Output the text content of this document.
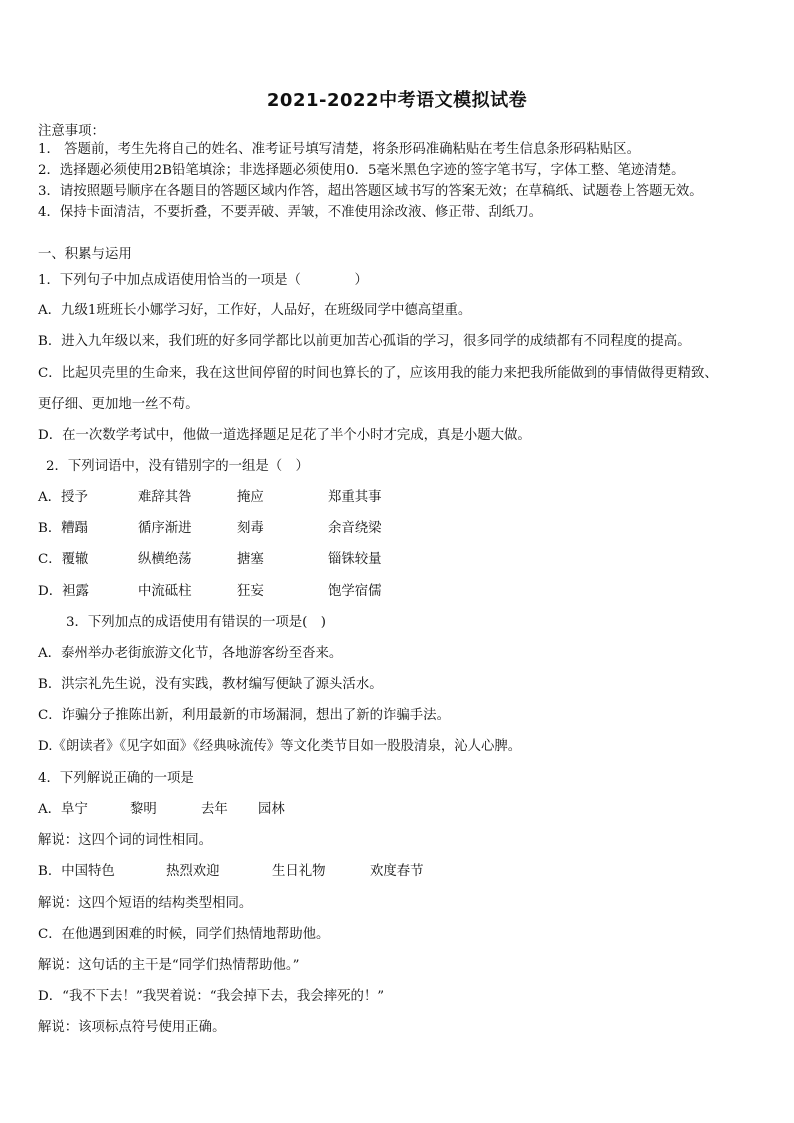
2021-2022中考语文模拟试卷
注意事项：
1． 答题前，考生先将自己的姓名、准考证号填写清楚，将条形码准确粘贴在考生信息条形码粘贴区。
2．选择题必须使用2B铅笔填涂；非选择题必须使用0．5毫米黑色字迹的签字笔书写，字体工整、笔迹清楚。
3．请按照题号顺序在各题目的答题区域内作答，超出答题区域书写的答案无效；在草稿纸、试题卷上答题无效。
4．保持卡面清洁，不要折叠，不要弄破、弄皱，不准使用涂改液、修正带、刮纸刀。
一、积累与运用
1．下列句子中加点成语使用恰当的一项是（　　　　）
A．九级1班班长小娜学习好，工作好，人品好，在班级同学中德高望重。
B．进入九年级以来，我们班的好多同学都比以前更加苦心孤诣的学习，很多同学的成绩都有不同程度的提高。
C．比起贝壳里的生命来，我在这世间停留的时间也算长的了，应该用我的能力来把我所能做到的事情做得更精致、
更仔细、更加地一丝不苟。
D．在一次数学考试中，他做一道选择题足足花了半个小时才完成，真是小题大做。
2．下列词语中，没有错别字的一组是（　）
A．授予	难辞其咎	掩应	郑重其事
B．糟蹋	循序渐进	刻毒	余音绕梁
C．覆辙	纵横绝荡	搪塞	锱铢较量
D．袒露	中流砥柱	狂妄	饱学宿儒
3．下列加点的成语使用有错误的一项是(　)
A．泰州举办老街旅游文化节，各地游客纷至沓来。
B．洪宗礼先生说，没有实践，教材编写便缺了源头活水。
C．诈骗分子推陈出新，利用最新的市场漏洞，想出了新的诈骗手法。
D.《朗读者》《见字如面》《经典咏流传》等文化类节目如一股股清泉，沁人心脾。
4．下列解说正确的一项是
A．阜宁	黎明	去年 园林
解说：这四个词的词性相同。
B．中国特色	热烈欢迎	生日礼物	欢度春节
解说：这四个短语的结构类型相同。
C．在他遇到困难的时候，同学们热情地帮助他。
解说：这句话的主干是“同学们热情帮助他。”
D．“我不下去！”我哭着说：“我会掉下去，我会摔死的！”
解说：该项标点符号使用正确。
